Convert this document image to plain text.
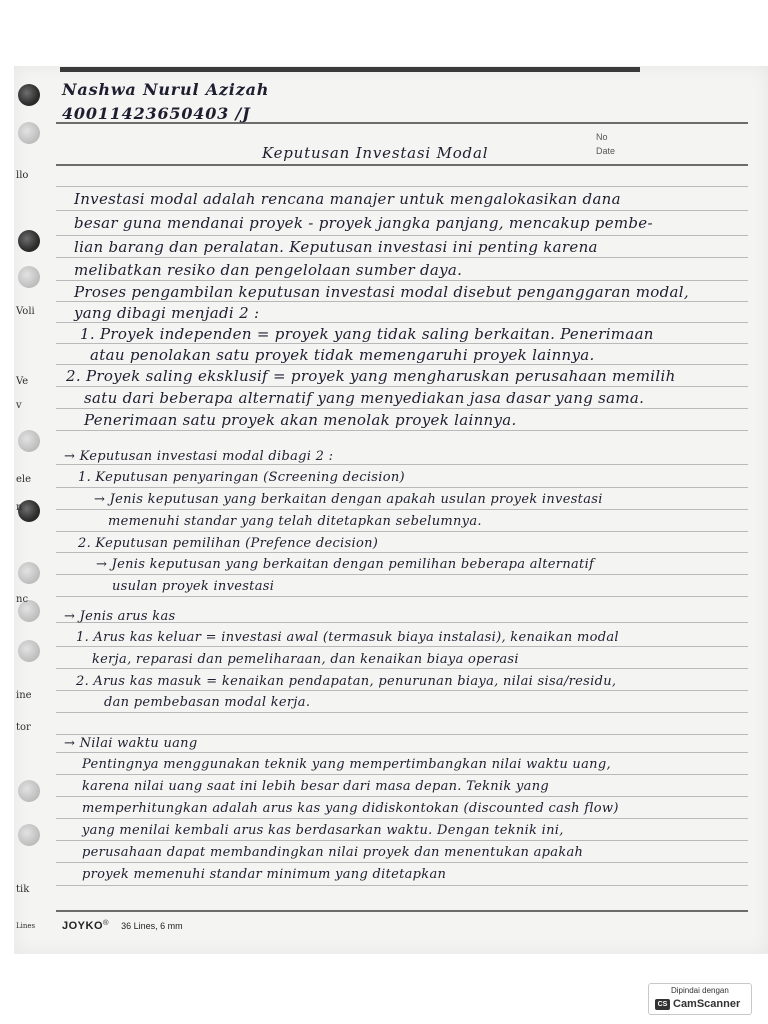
llo
Voli
Ve
v
ele
n
nc
ine
tor
tik
Lines
Nashwa Nurul Azizah
40011423650403 /J
No
Date
Keputusan Investasi Modal
Investasi modal adalah rencana manajer untuk mengalokasikan dana
besar guna mendanai proyek - proyek jangka panjang, mencakup pembe-
lian barang dan peralatan. Keputusan investasi ini penting karena
melibatkan resiko dan pengelolaan sumber daya.
Proses pengambilan keputusan investasi modal disebut penganggaran modal,
yang dibagi menjadi 2 :
1. Proyek independen = proyek yang tidak saling berkaitan. Penerimaan
atau penolakan satu proyek tidak memengaruhi proyek lainnya.
2. Proyek saling eksklusif = proyek yang mengharuskan perusahaan memilih
satu dari beberapa alternatif yang menyediakan jasa dasar yang sama.
Penerimaan satu proyek akan menolak proyek lainnya.
→ Keputusan investasi modal dibagi 2 :
1. Keputusan penyaringan (Screening decision)
→ Jenis keputusan yang berkaitan dengan apakah usulan proyek investasi
memenuhi standar yang telah ditetapkan sebelumnya.
2. Keputusan pemilihan (Prefence decision)
→ Jenis keputusan yang berkaitan dengan pemilihan beberapa alternatif
usulan proyek investasi
→ Jenis arus kas
1. Arus kas keluar = investasi awal (termasuk biaya instalasi), kenaikan modal
kerja, reparasi dan pemeliharaan, dan kenaikan biaya operasi
2. Arus kas masuk = kenaikan pendapatan, penurunan biaya, nilai sisa/residu,
dan pembebasan modal kerja.
→ Nilai waktu uang
Pentingnya menggunakan teknik yang mempertimbangkan nilai waktu uang,
karena nilai uang saat ini lebih besar dari masa depan. Teknik yang
memperhitungkan adalah arus kas yang didiskontokan (discounted cash flow)
yang menilai kembali arus kas berdasarkan waktu. Dengan teknik ini,
perusahaan dapat membandingkan nilai proyek dan menentukan apakah
proyek memenuhi standar minimum yang ditetapkan
JOYKO® 36 Lines, 6 mm
Dipindai dengan
CS CamScanner
